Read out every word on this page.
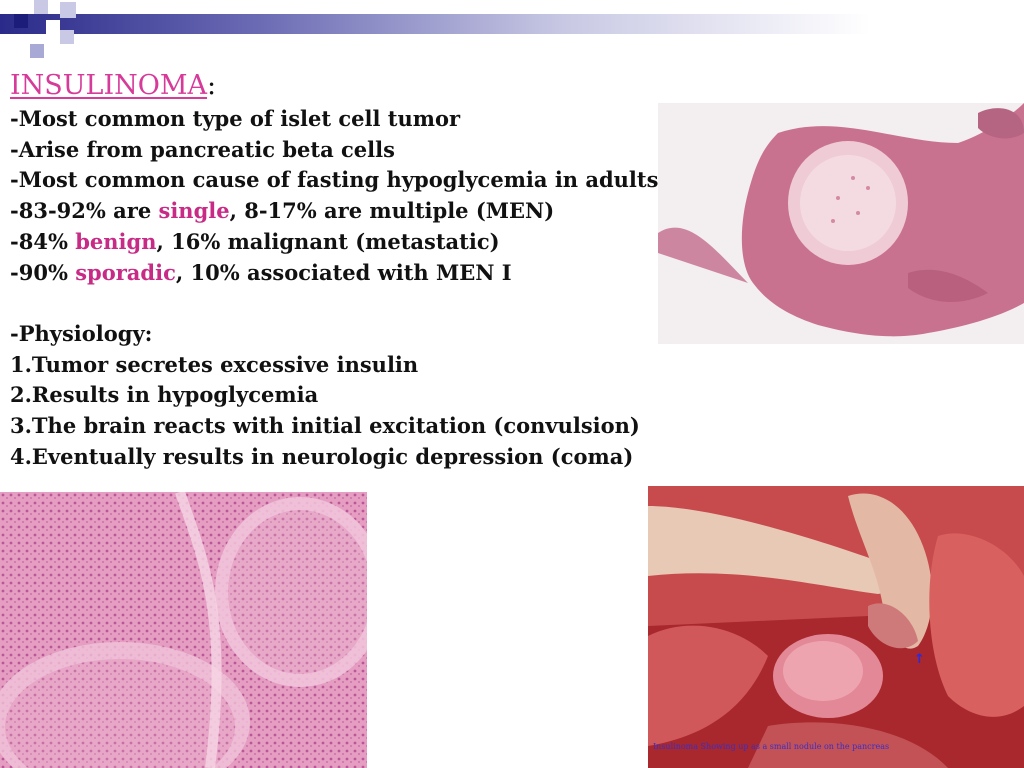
INSULINOMA:
-Most common type of islet cell tumor
-Arise from pancreatic beta cells
-Most common cause of fasting hypoglycemia in adults
-83-92% are single, 8-17% are multiple (MEN)
-84% benign, 16% malignant (metastatic)
-90% sporadic, 10% associated with MEN I
-Physiology:
1.Tumor secretes excessive insulin
2.Results in hypoglycemia
3.The brain reacts with initial excitation (convulsion)
4.Eventually results in neurologic depression (coma)
↑
Insulinoma Showing up as a small nodule on the pancreas
